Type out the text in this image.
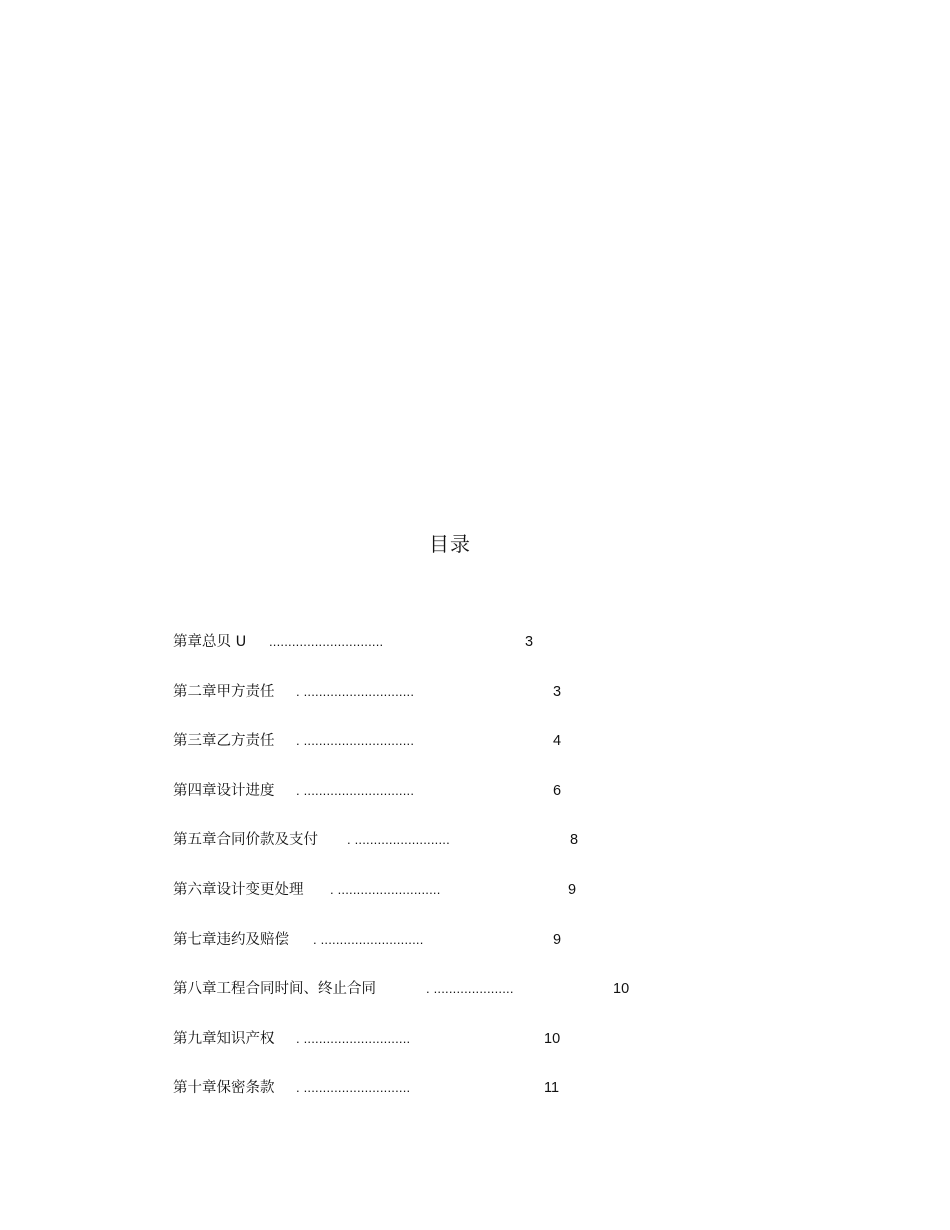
目录
第章总贝 U ..............................	3
第二章甲方责任 . .............................	3
第三章乙方责任 . .............................	4
第四章设计进度 . .............................	6
第五章合同价款及支付 . .........................	8
第六章设计变更处理 . ...........................	9
第七章违约及赔偿 . ...........................	9
第八章工程合同时间、终止合同	. .....................	10
第九章知识产权 . ............................	10
第十章保密条款 . ............................	11
